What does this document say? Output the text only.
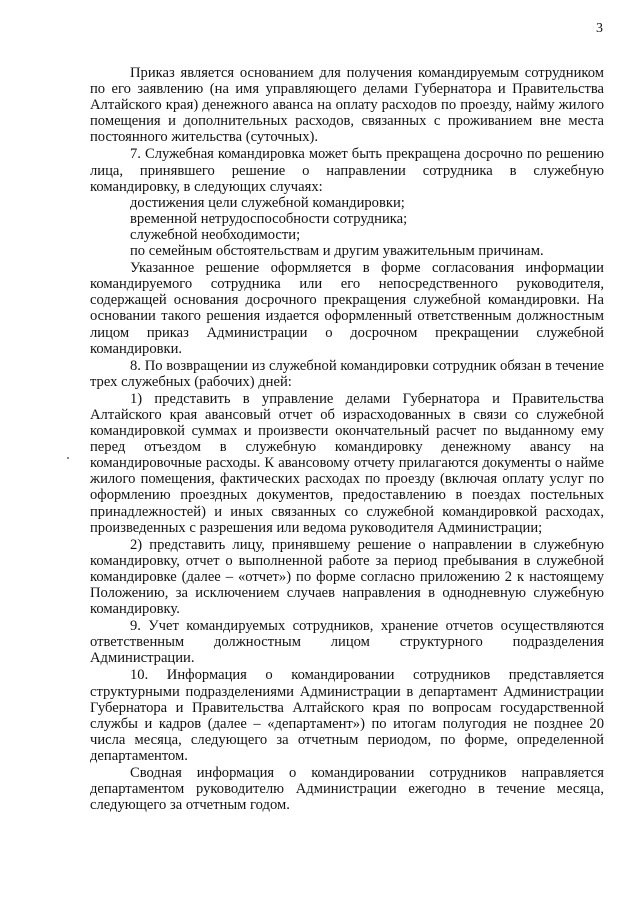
3

Приказ является основанием для получения командируемым сотрудником по его заявлению (на имя управляющего делами Губернатора и Правительства Алтайского края) денежного аванса на оплату расходов по проезду, найму жилого помещения и дополнительных расходов, связанных с проживанием вне места постоянного жительства (суточных).

7. Служебная командировка может быть прекращена досрочно по решению лица, принявшего решение о направлении сотрудника в служебную командировку, в следующих случаях:

достижения цели служебной командировки;

временной нетрудоспособности сотрудника;

служебной необходимости;

по семейным обстоятельствам и другим уважительным причинам.

Указанное решение оформляется в форме согласования информации командируемого сотрудника или его непосредственного руководителя, содержащей основания досрочного прекращения служебной командировки. На основании такого решения издается оформленный ответственным должностным лицом приказ Администрации о досрочном прекращении служебной командировки.

8. По возвращении из служебной командировки сотрудник обязан в течение трех служебных (рабочих) дней:

1) представить в управление делами Губернатора и Правительства Алтайского края авансовый отчет об израсходованных в связи со служебной командировкой суммах и произвести окончательный расчет по выданному ему перед отъездом в служебную командировку денежному авансу на командировочные расходы. К авансовому отчету прилагаются документы о найме жилого помещения, фактических расходах по проезду (включая оплату услуг по оформлению проездных документов, предоставлению в поездах постельных принадлежностей) и иных связанных со служебной командировкой расходах, произведенных с разрешения или ведома руководителя Администрации;

2) представить лицу, принявшему решение о направлении в служебную командировку, отчет о выполненной работе за период пребывания в служебной командировке (далее – «отчет») по форме согласно приложению 2 к настоящему Положению, за исключением случаев направления в однодневную служебную командировку.

9. Учет командируемых сотрудников, хранение отчетов осуществляются ответственным должностным лицом структурного подразделения Администрации.

10. Информация о командировании сотрудников представляется структурными подразделениями Администрации в департамент Администрации Губернатора и Правительства Алтайского края по вопросам государственной службы и кадров (далее – «департамент») по итогам полугодия не позднее 20 числа месяца, следующего за отчетным периодом, по форме, определенной департаментом.

Сводная информация о командировании сотрудников направляется департаментом руководителю Администрации ежегодно в течение месяца, следующего за отчетным годом.
